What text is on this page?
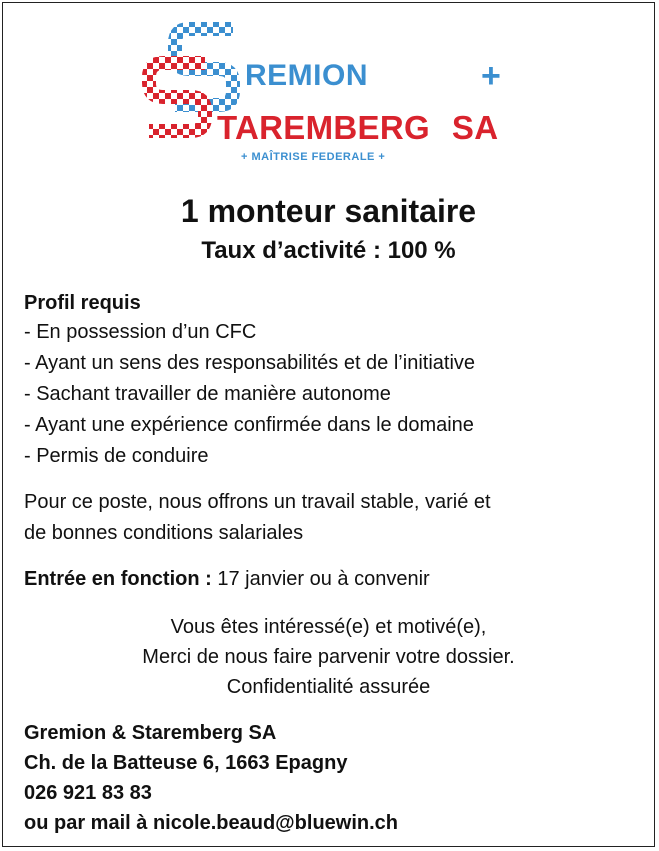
REMION	+
TAREMBERG SA
+ MAÎTRISE FEDERALE +
1 monteur sanitaire
Taux d’activité : 100 %
Profil requis
- En possession d’un CFC
- Ayant un sens des responsabilités et de l’initiative
- Sachant travailler de manière autonome
- Ayant une expérience confirmée dans le domaine
- Permis de conduire
Pour ce poste, nous offrons un travail stable, varié et
de bonnes conditions salariales
Entrée en fonction : 17 janvier ou à convenir
Vous êtes intéressé(e) et motivé(e),
Merci de nous faire parvenir votre dossier.
Confidentialité assurée
Gremion & Staremberg SA
Ch. de la Batteuse 6, 1663 Epagny
026 921 83 83
ou par mail à nicole.beaud@bluewin.ch
